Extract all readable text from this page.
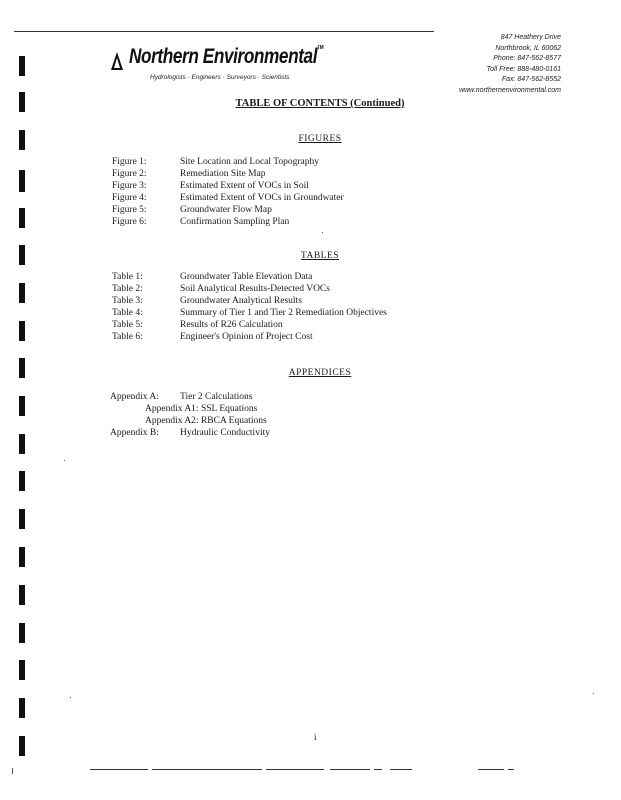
Northern Environmental™
Hydrologists · Engineers · Surveyors · Scientists
847 Heathery Drive
Northbrook, IL 60062
Phone: 847-562-8577
Toll Free: 888-480-0161
Fax: 847-562-8552
www.northernenvironmental.com
TABLE OF CONTENTS (Continued)
FIGURES
Figure 1:	Site Location and Local Topography
Figure 2:	Remediation Site Map
Figure 3:	Estimated Extent of VOCs in Soil
Figure 4:	Estimated Extent of VOCs in Groundwater
Figure 5:	Groundwater Flow Map
Figure 6:	Confirmation Sampling Plan
TABLES
Table 1:	Groundwater Table Elevation Data
Table 2:	Soil Analytical Results-Detected VOCs
Table 3:	Groundwater Analytical Results
Table 4:	Summary of Tier 1 and Tier 2 Remediation Objectives
Table 5:	Results of R26 Calculation
Table 6:	Engineer's Opinion of Project Cost
APPENDICES
Appendix A: Tier 2 Calculations
Appendix A1: SSL Equations
Appendix A2: RBCA Equations
Appendix B: Hydraulic Conductivity
i
